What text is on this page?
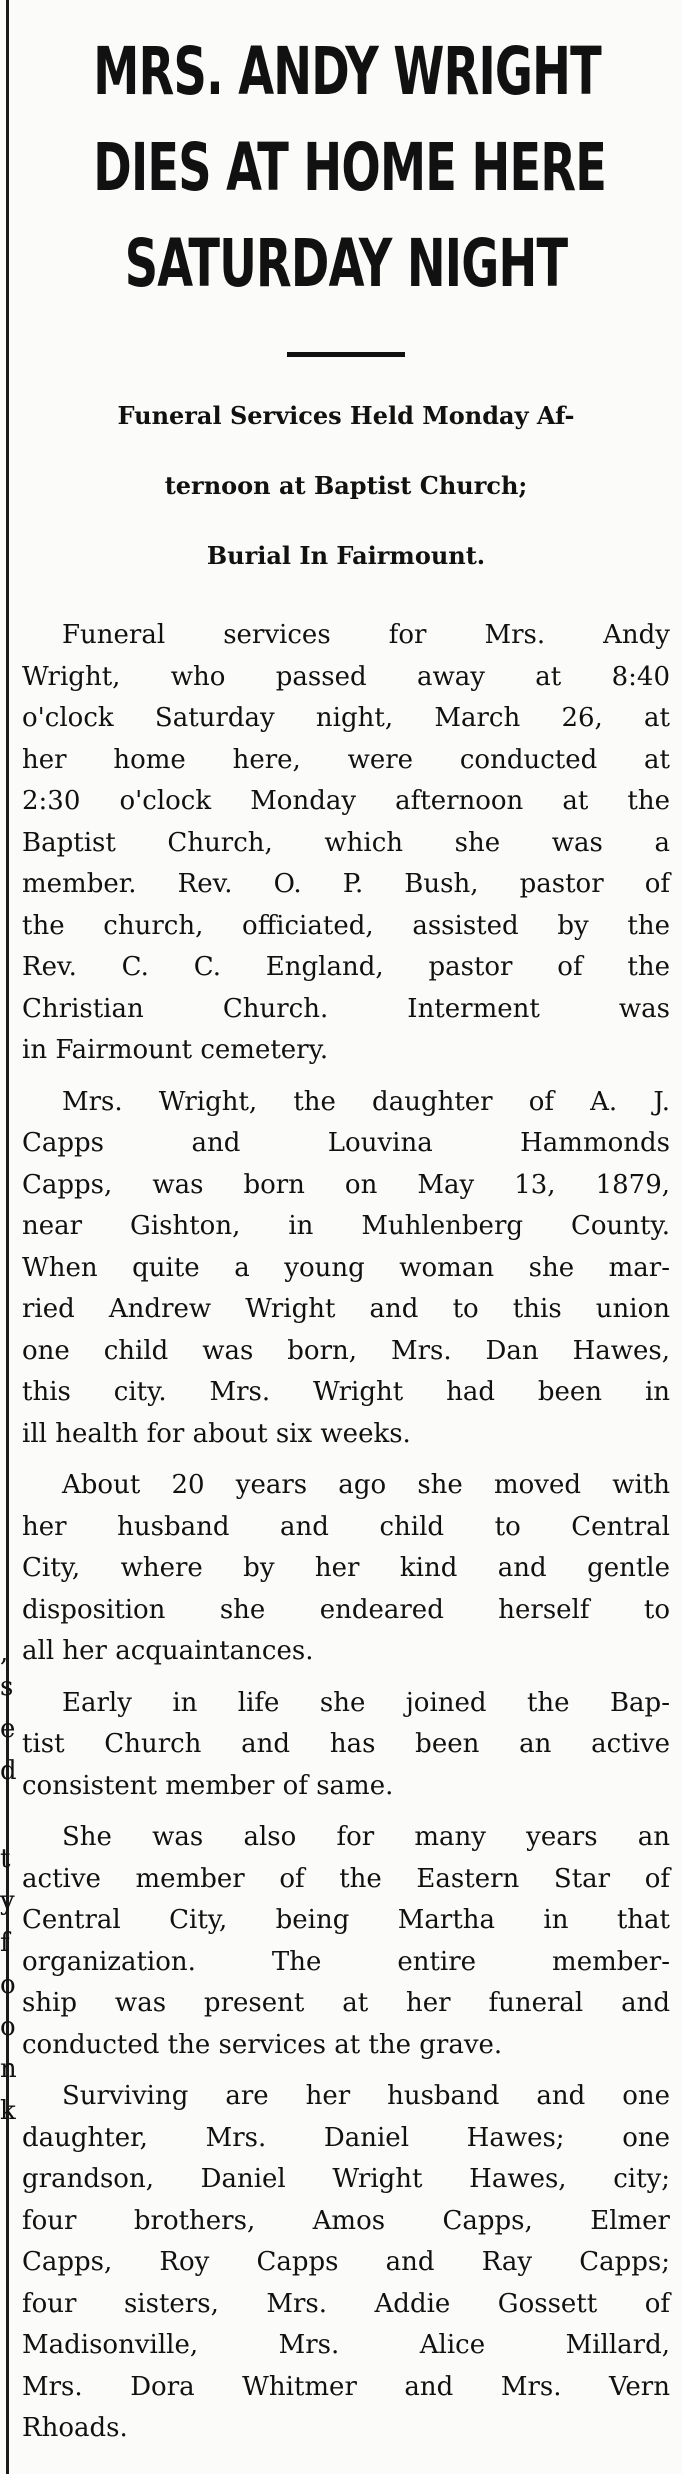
,
s
e
d
t
y
f
o
o
n
k
MRS. ANDY WRIGHT
DIES AT HOME HERE
SATURDAY NIGHT
Funeral Services Held Monday Af-
ternoon at Baptist Church;
Burial In Fairmount.
Funeral services for Mrs. Andy
Wright, who passed away at 8:40
o'clock Saturday night, March 26, at
her home here, were conducted at
2:30 o'clock Monday afternoon at the
Baptist Church, which she was a
member. Rev. O. P. Bush, pastor of
the church, officiated, assisted by the
Rev. C. C. England, pastor of the
Christian Church. Interment was
in Fairmount cemetery.
Mrs. Wright, the daughter of A. J.
Capps and Louvina Hammonds
Capps, was born on May 13, 1879,
near Gishton, in Muhlenberg County.
When quite a young woman she mar-
ried Andrew Wright and to this union
one child was born, Mrs. Dan Hawes,
this city. Mrs. Wright had been in
ill health for about six weeks.
About 20 years ago she moved with
her husband and child to Central
City, where by her kind and gentle
disposition she endeared herself to
all her acquaintances.
Early in life she joined the Bap-
tist Church and has been an active
consistent member of same.
She was also for many years an
active member of the Eastern Star of
Central City, being Martha in that
organization. The entire member-
ship was present at her funeral and
conducted the services at the grave.
Surviving are her husband and one
daughter, Mrs. Daniel Hawes; one
grandson, Daniel Wright Hawes, city;
four brothers, Amos Capps, Elmer
Capps, Roy Capps and Ray Capps;
four sisters, Mrs. Addie Gossett of
Madisonville, Mrs. Alice Millard,
Mrs. Dora Whitmer and Mrs. Vern
Rhoads.
